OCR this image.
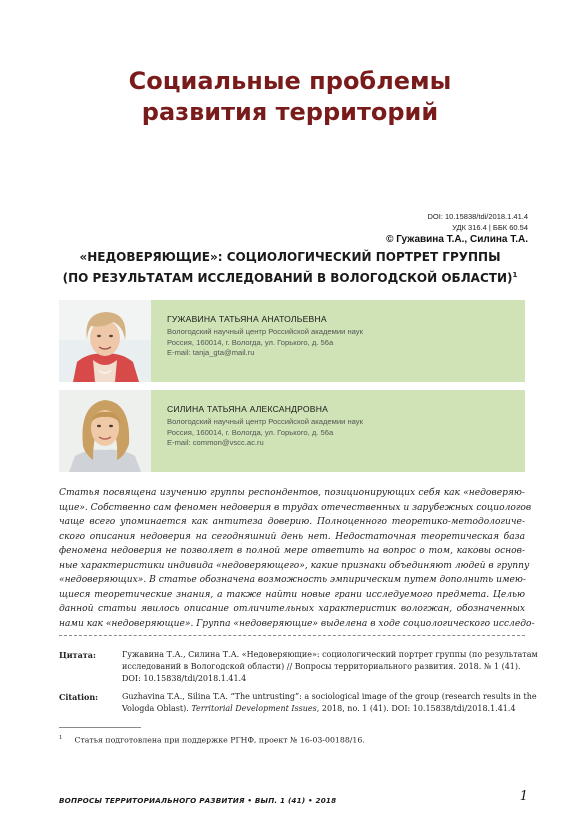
Социальные проблемы
развития территорий
DOI: 10.15838/tdi/2018.1.41.4
УДК 316.4 | ББК 60.54
© Гужавина Т.А., Силина Т.А.
«НЕДОВЕРЯЮЩИЕ»: СОЦИОЛОГИЧЕСКИЙ ПОРТРЕТ ГРУППЫ
(ПО РЕЗУЛЬТАТАМ ИССЛЕДОВАНИЙ В ВОЛОГОДСКОЙ ОБЛАСТИ)$^1$
ГУЖАВИНА ТАТЬЯНА АНАТОЛЬЕВНА
Вологодский научный центр Российской академии наук
Россия, 160014, г. Вологда, ул. Горького, д. 56а
E-mail: tanja_gta@mail.ru
СИЛИНА ТАТЬЯНА АЛЕКСАНДРОВНА
Вологодский научный центр Российской академии наук
Россия, 160014, г. Вологда, ул. Горького, д. 56а
E-mail: common@vscc.ac.ru
Статья посвящена изучению группы респондентов, позиционирующих себя как «недоверяю-
щие». Собственно сам феномен недоверия в трудах отечественных и зарубежных социологов
чаще всего упоминается как антитеза доверию. Полноценного теоретико-методологиче-
ского описания недоверия на сегодняшний день нет. Недостаточная теоретическая база
феномена недоверия не позволяет в полной мере ответить на вопрос о том, каковы основ-
ные характеристики индивида «недоверяющего», какие признаки объединяют людей в группу
«недоверяющих». В статье обозначена возможность эмпирическим путем дополнить имею-
щиеся теоретические знания, а также найти новые грани исследуемого предмета. Целью
данной статьи явилось описание отличительных характеристик вологжан, обозначенных
нами как «недоверяющие». Группа «недоверяющие» выделена в ходе социологического исследо-
Цитата:	Гужавина Т.А., Силина Т.А. «Недоверяющие»: социологический портрет группы (по результатам
исследований в Вологодской области) // Вопросы территориального развития. 2018. № 1 (41).
DOI: 10.15838/tdi/2018.1.41.4
Citation:	Guzhavina T.A., Silina T.A. “The untrusting”: a sociological image of the group (research results in the
Vologda Oblast). Territorial Development Issues, 2018, no. 1 (41). DOI: 10.15838/tdi/2018.1.41.4
$^1$ Статья подготовлена при поддержке РГНФ, проект № 16-03-00188/16.
ВОПРОСЫ ТЕРРИТОРИАЛЬНОГО РАЗВИТИЯ • ВЫП. 1 (41) • 2018	1
